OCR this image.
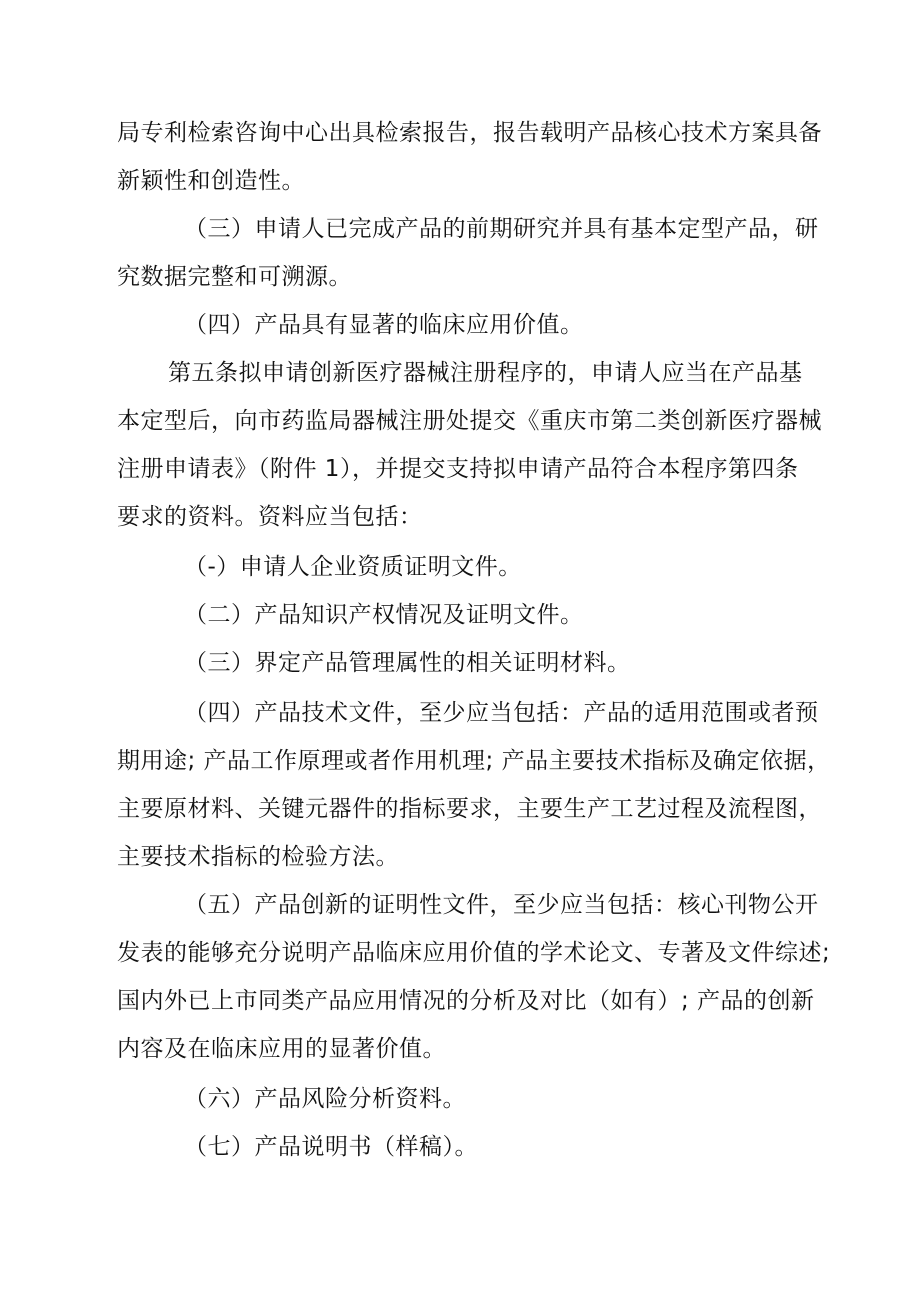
局专利检索咨询中心出具检索报告，报告载明产品核心技术方案具备
新颖性和创造性。
（三）申请人已完成产品的前期研究并具有基本定型产品，研
究数据完整和可溯源。
（四）产品具有显著的临床应用价值。
第五条拟申请创新医疗器械注册程序的，申请人应当在产品基
本定型后，向市药监局器械注册处提交《重庆市第二类创新医疗器械
注册申请表》（附件 1），并提交支持拟申请产品符合本程序第四条
要求的资料。资料应当包括：
（-）申请人企业资质证明文件。
（二）产品知识产权情况及证明文件。
（三）界定产品管理属性的相关证明材料。
（四）产品技术文件，至少应当包括：产品的适用范围或者预
期用途; 产品工作原理或者作用机理; 产品主要技术指标及确定依据，
主要原材料、关键元器件的指标要求，主要生产工艺过程及流程图，
主要技术指标的检验方法。
（五）产品创新的证明性文件，至少应当包括：核心刊物公开
发表的能够充分说明产品临床应用价值的学术论文、专著及文件综述;
国内外已上市同类产品应用情况的分析及对比（如有）; 产品的创新
内容及在临床应用的显著价值。
（六）产品风险分析资料。
（七）产品说明书（样稿）。
